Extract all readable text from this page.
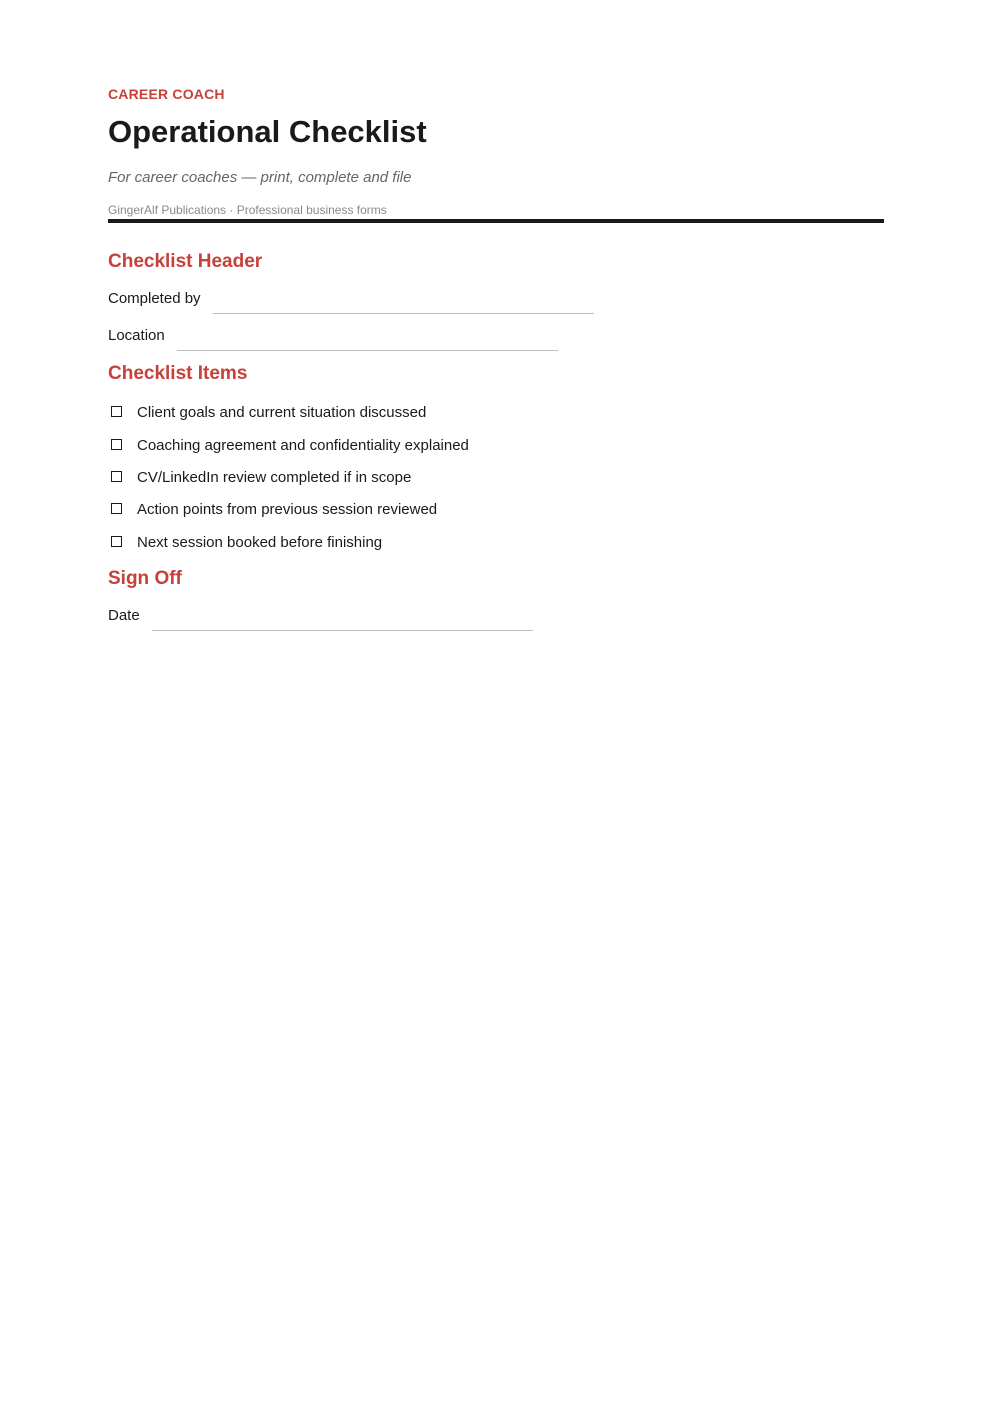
CAREER COACH
Operational Checklist
For career coaches — print, complete and file
GingerAlf Publications · Professional business forms
Checklist Header
Completed by
Location
Checklist Items
Client goals and current situation discussed
Coaching agreement and confidentiality explained
CV/LinkedIn review completed if in scope
Action points from previous session reviewed
Next session booked before finishing
Sign Off
Date
